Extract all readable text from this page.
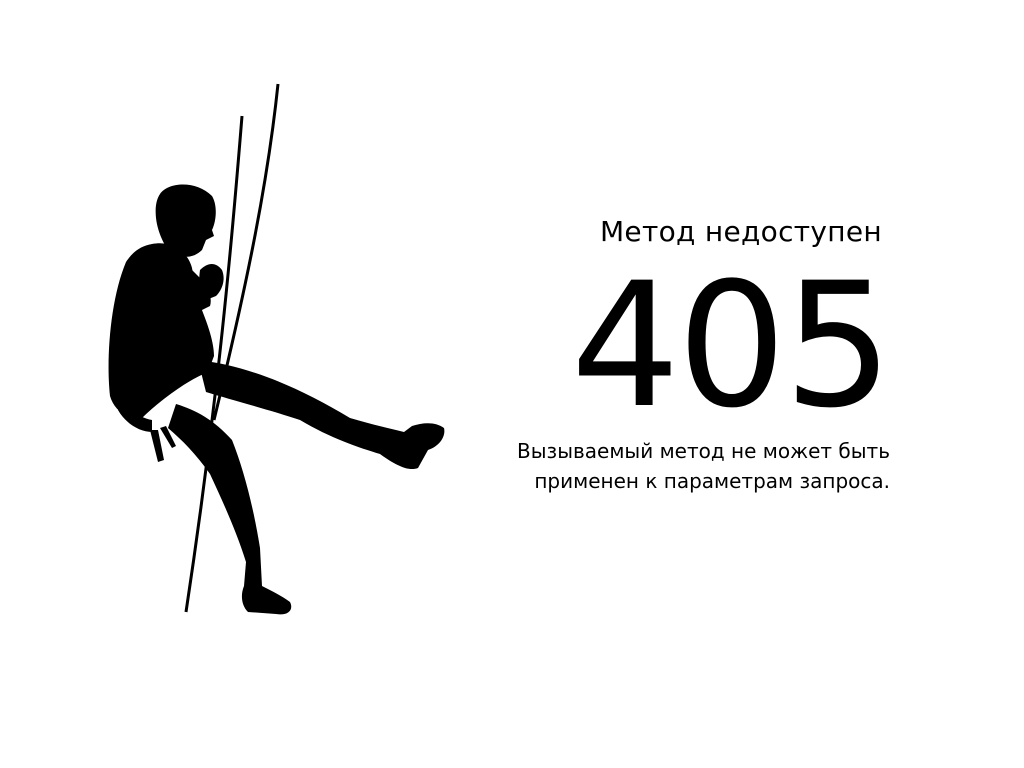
Метод недоступен
405

Вызываемый метод не может быть
применен к параметрам запроса.
